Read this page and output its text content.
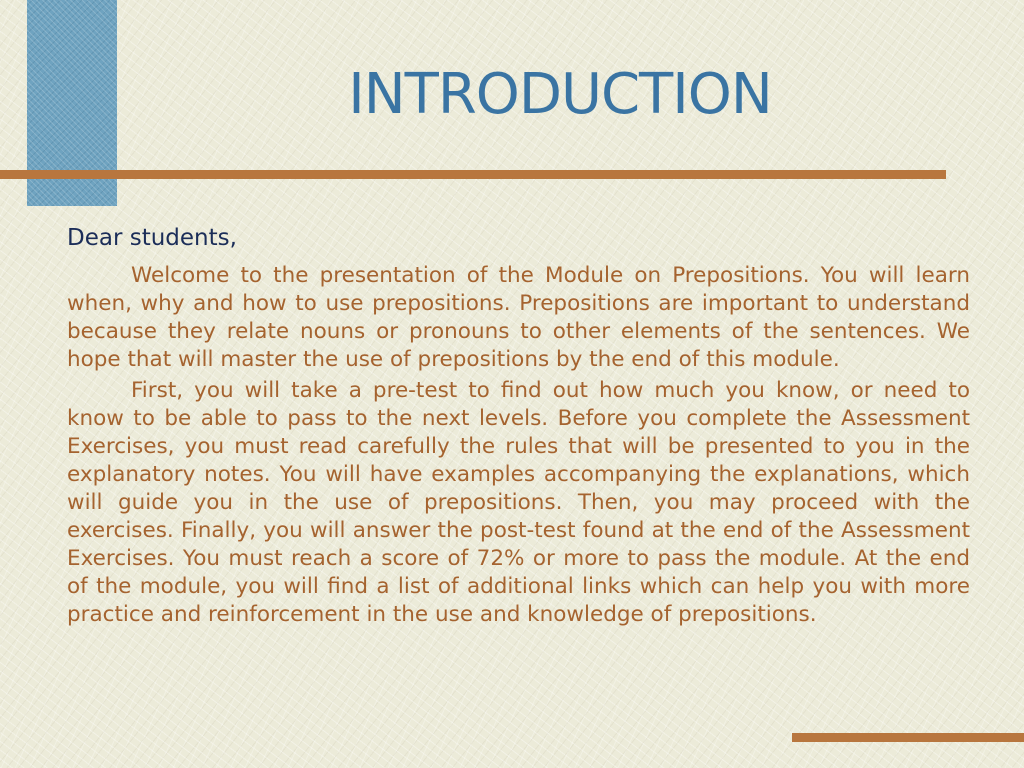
INTRODUCTION
Dear students,

Welcome to the presentation of the Module on Prepositions. You will learn when, why and how to use prepositions. Prepositions are important to understand because they relate nouns or pronouns to other elements of the sentences. We hope that will master the use of prepositions by the end of this module.

First, you will take a pre-test to find out how much you know, or need to know to be able to pass to the next levels. Before you complete the Assessment Exercises, you must read carefully the rules that will be presented to you in the explanatory notes. You will have examples accompanying the explanations, which will guide you in the use of prepositions. Then, you may proceed with the exercises. Finally, you will answer the post-test found at the end of the Assessment Exercises. You must reach a score of 72% or more to pass the module. At the end of the module, you will find a list of additional links which can help you with more practice and reinforcement in the use and knowledge of prepositions.
